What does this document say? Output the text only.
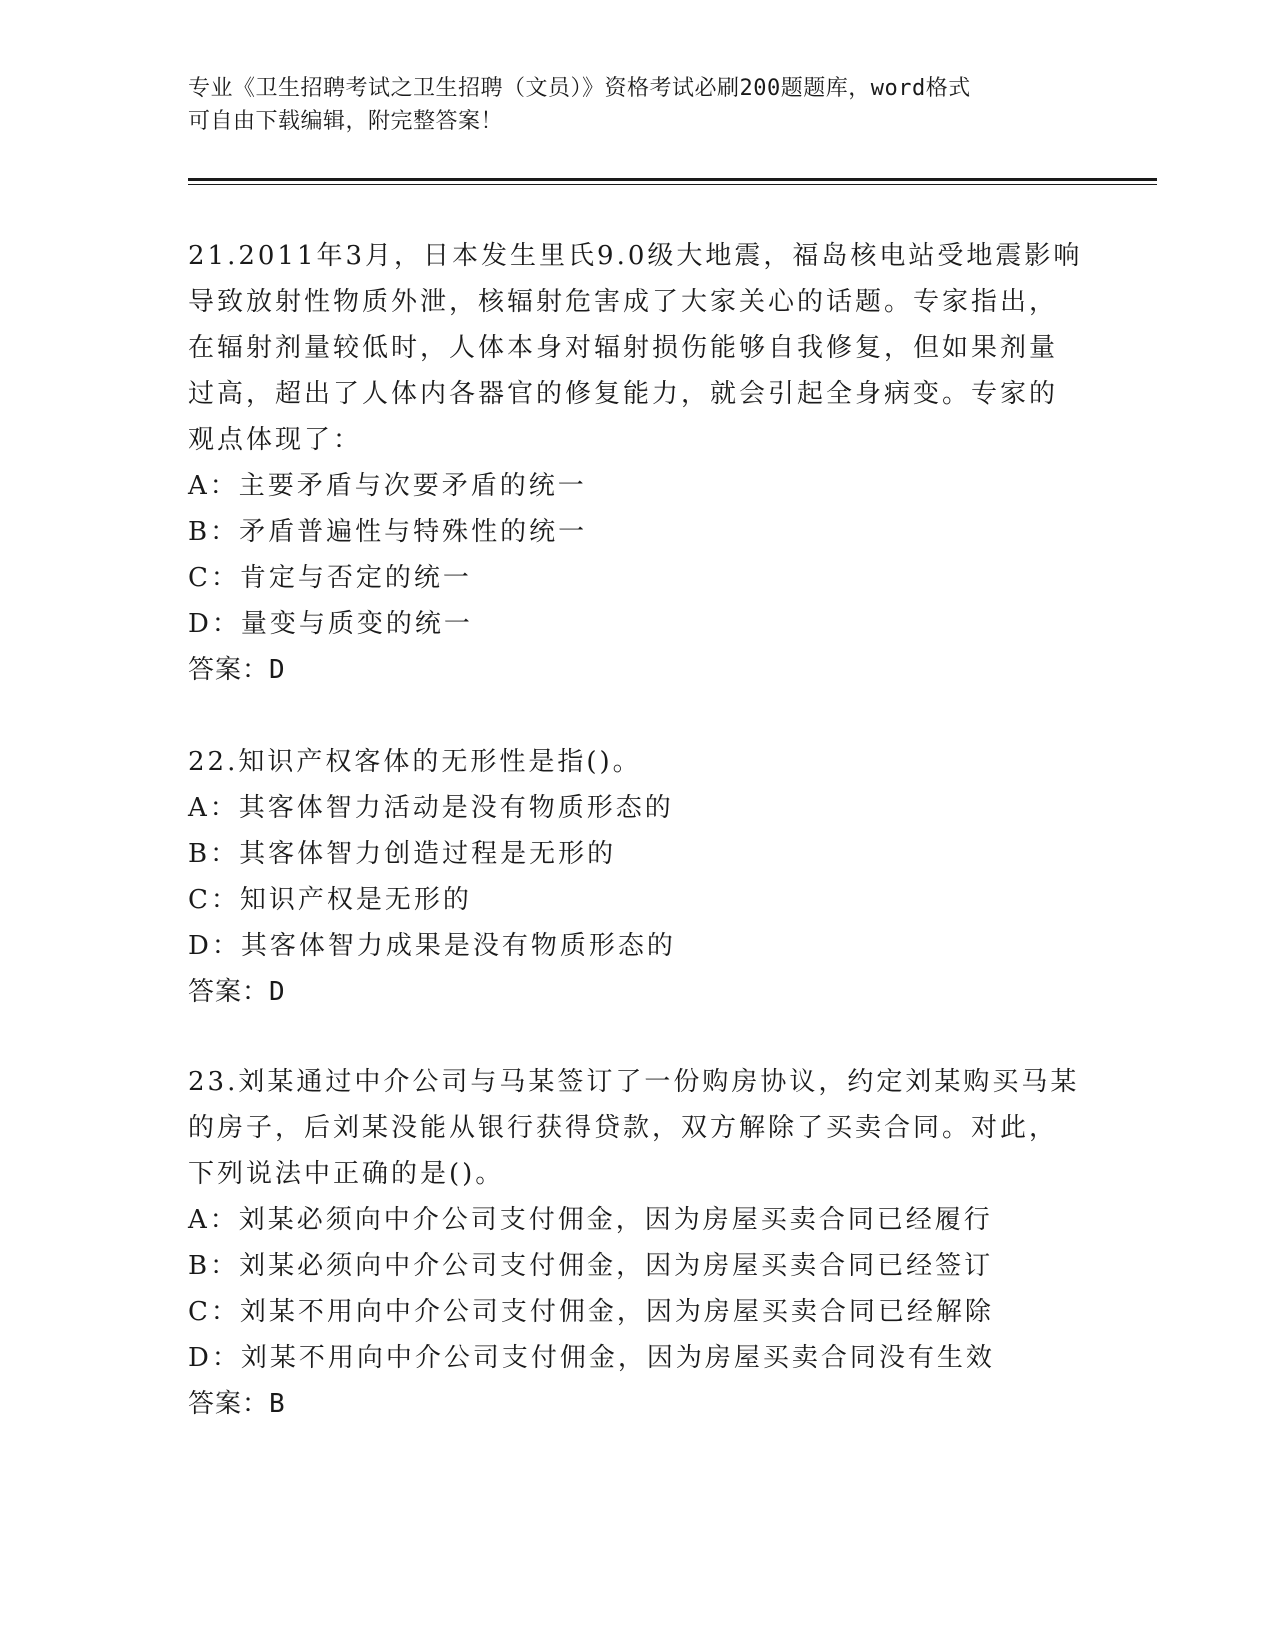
专业《卫生招聘考试之卫生招聘（文员）》资格考试必刷200题题库，word格式
可自由下载编辑，附完整答案！
21.2011年3月，日本发生里氏9.0级大地震，福岛核电站受地震影响
导致放射性物质外泄，核辐射危害成了大家关心的话题。专家指出，
在辐射剂量较低时，人体本身对辐射损伤能够自我修复，但如果剂量
过高，超出了人体内各器官的修复能力，就会引起全身病变。专家的
观点体现了：
A：主要矛盾与次要矛盾的统一
B：矛盾普遍性与特殊性的统一
C：肯定与否定的统一
D：量变与质变的统一
答案：D
22.知识产权客体的无形性是指()。
A：其客体智力活动是没有物质形态的
B：其客体智力创造过程是无形的
C：知识产权是无形的
D：其客体智力成果是没有物质形态的
答案：D
23.刘某通过中介公司与马某签订了一份购房协议，约定刘某购买马某
的房子，后刘某没能从银行获得贷款，双方解除了买卖合同。对此，
下列说法中正确的是()。
A：刘某必须向中介公司支付佣金，因为房屋买卖合同已经履行
B：刘某必须向中介公司支付佣金，因为房屋买卖合同已经签订
C：刘某不用向中介公司支付佣金，因为房屋买卖合同已经解除
D：刘某不用向中介公司支付佣金，因为房屋买卖合同没有生效
答案：B
